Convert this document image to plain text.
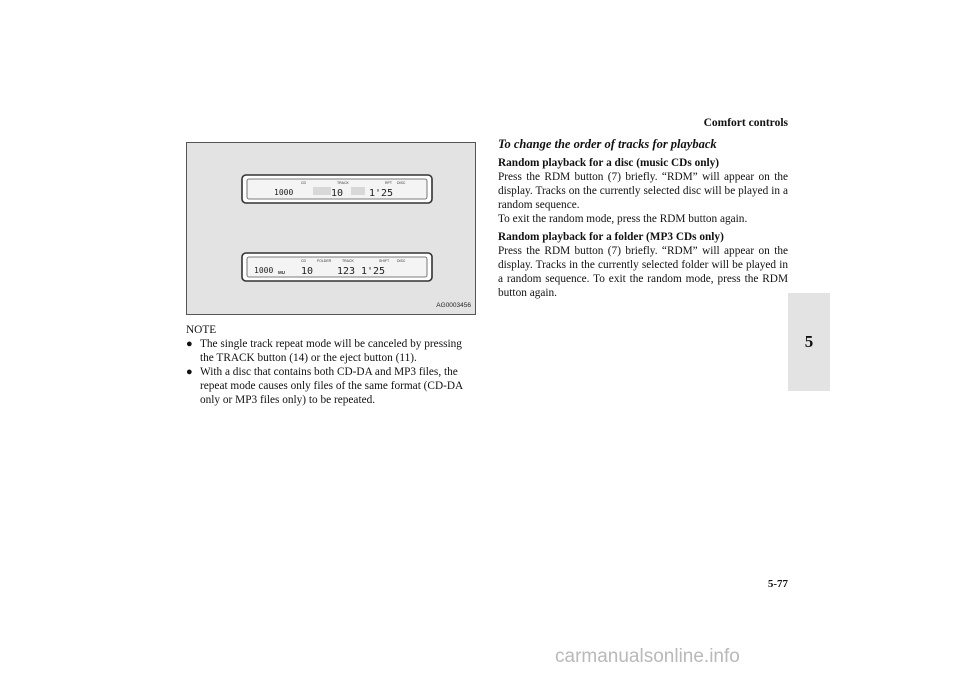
Comfort controls
5-77
5
CD	TRACK	RPT DISC
1000	10	1'25
CD	FOLDER	TRACK	SHIFT DISC
1000 MU 10 123 1'25
AG0003456
NOTE

● The single track repeat mode will be canceled by pressing the TRACK button (14) or the eject button (11).

● With a disc that contains both CD-DA and MP3 files, the repeat mode causes only files of the same format (CD-DA only or MP3 files only) to be repeated.

To change the order of tracks for playback
Random playback for a disc (music CDs only)

Press the RDM button (7) briefly. “RDM” will appear on the display. Tracks on the currently selected disc will be played in a random sequence.

To exit the random mode, press the RDM button again.

Random playback for a folder (MP3 CDs only)

Press the RDM button (7) briefly. “RDM” will appear on the display. Tracks in the currently selected folder will be played in a random sequence. To exit the random mode, press the RDM button again.

carmanualsonline.info
